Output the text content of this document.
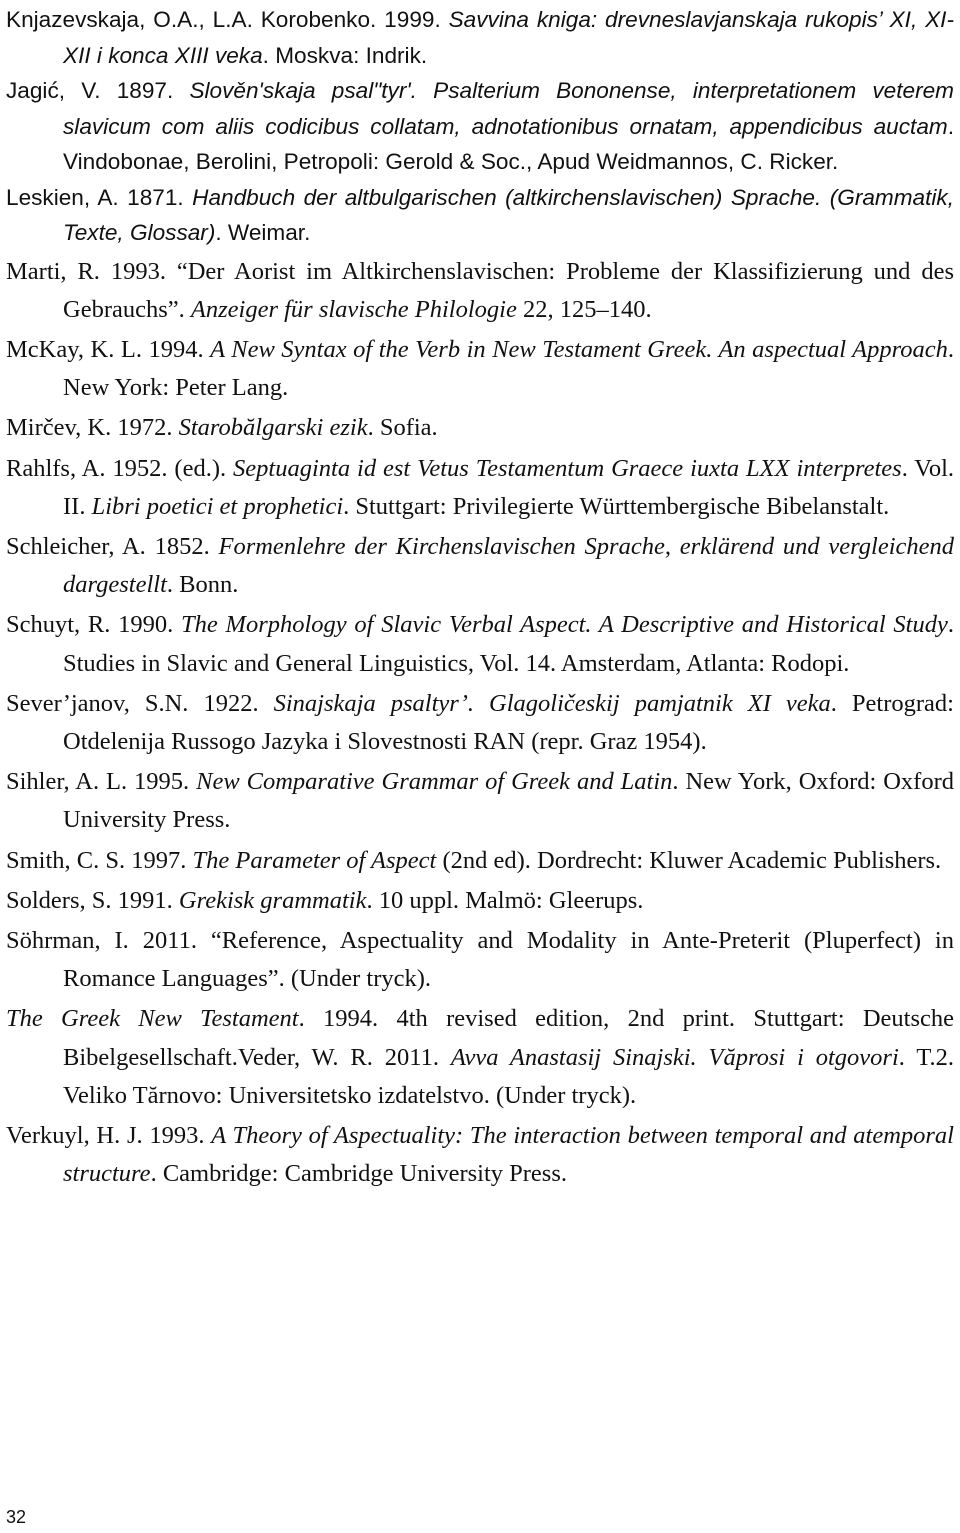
Knjazevskaja, O.A., L.A. Korobenko. 1999. Savvina kniga: drevneslavjanskaja rukopis’ XI, XI-XII i konca XIII veka. Moskva: Indrik.

Jagić, V. 1897. Slověn'skaja psal"tyr'. Psalterium Bononense, interpretationem veterem slavicum com aliis codicibus collatam, adnotationibus ornatam, appendicibus auctam. Vindobonae, Berolini, Petropoli: Gerold & Soc., Apud Weidmannos, C. Ricker.

Leskien, A. 1871. Handbuch der altbulgarischen (altkirchenslavischen) Sprache. (Grammatik, Texte, Glossar). Weimar.

Marti, R. 1993. “Der Aorist im Altkirchenslavischen: Probleme der Klassifizierung und des Gebrauchs”. Anzeiger für slavische Philologie 22, 125–140.

McKay, K. L. 1994. A New Syntax of the Verb in New Testament Greek. An aspectual Approach. New York: Peter Lang.

Mirčev, K. 1972. Starobălgarski ezik. Sofia.

Rahlfs, A. 1952. (ed.). Septuaginta id est Vetus Testamentum Graece iuxta LXX interpretes. Vol. II. Libri poetici et prophetici. Stuttgart: Privilegierte Württembergische Bibelanstalt.

Schleicher, A. 1852. Formenlehre der Kirchenslavischen Sprache, erklärend und vergleichend dargestellt. Bonn.

Schuyt, R. 1990. The Morphology of Slavic Verbal Aspect. A Descriptive and Historical Study. Studies in Slavic and General Linguistics, Vol. 14. Amsterdam, Atlanta: Rodopi.

Sever’janov, S.N. 1922. Sinajskaja psaltyr’. Glagoličeskij pamjatnik XI veka. Petrograd: Otdelenija Russogo Jazyka i Slovestnosti RAN (repr. Graz 1954).

Sihler, A. L. 1995. New Comparative Grammar of Greek and Latin. New York, Oxford: Oxford University Press.

Smith, C. S. 1997. The Parameter of Aspect (2nd ed). Dordrecht: Kluwer Academic Publishers.

Solders, S. 1991. Grekisk grammatik. 10 uppl. Malmö: Gleerups.

Söhrman, I. 2011. “Reference, Aspectuality and Modality in Ante-Preterit (Pluperfect) in Romance Languages”. (Under tryck).

The Greek New Testament. 1994. 4th revised edition, 2nd print. Stuttgart: Deutsche Bibelgesellschaft.Veder, W. R. 2011. Avva Anastasij Sinajski. Văprosi i otgovori. T.2. Veliko Tărnovo: Universitetsko izdatelstvo. (Under tryck).

Verkuyl, H. J. 1993. A Theory of Aspectuality: The interaction between temporal and atemporal structure. Cambridge: Cambridge University Press.

32
